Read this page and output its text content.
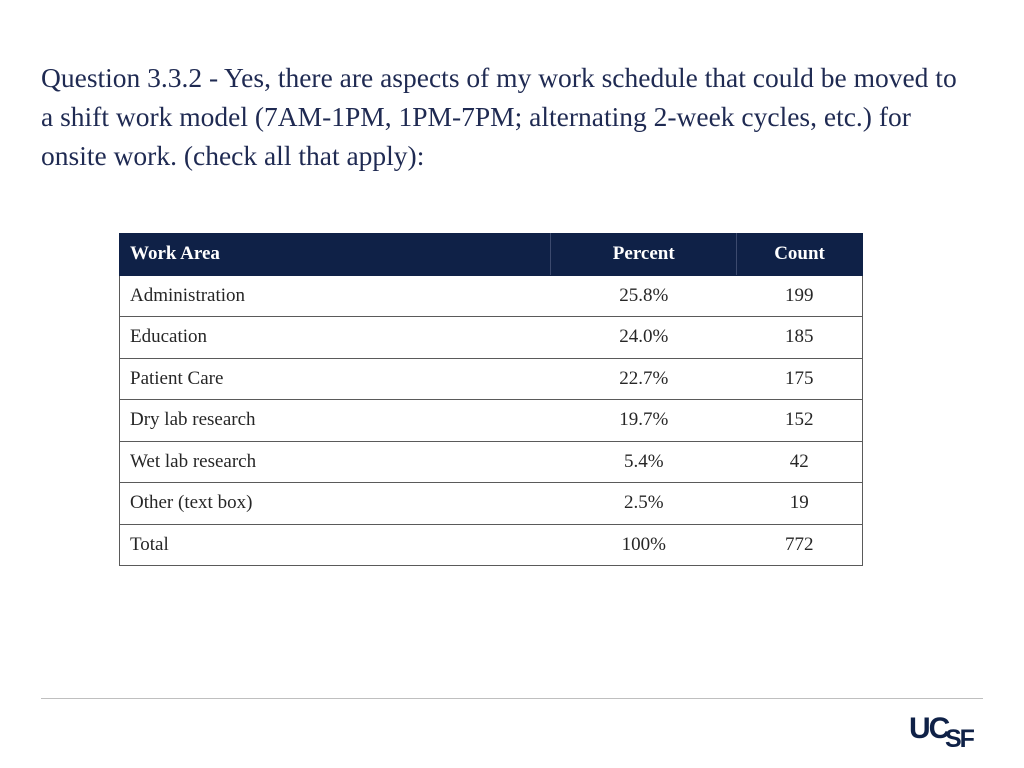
Question 3.3.2 - Yes, there are aspects of my work schedule that could be moved to a shift work model (7AM-1PM, 1PM-7PM; alternating 2-week cycles, etc.) for onsite work. (check all that apply):

Work Area	Percent	Count
Administration	25.8%	199
Education	24.0%	185
Patient Care	22.7%	175
Dry lab research	19.7%	152
Wet lab research	5.4%	42
Other (text box)	2.5%	19
Total	100%	772
UC
SF
